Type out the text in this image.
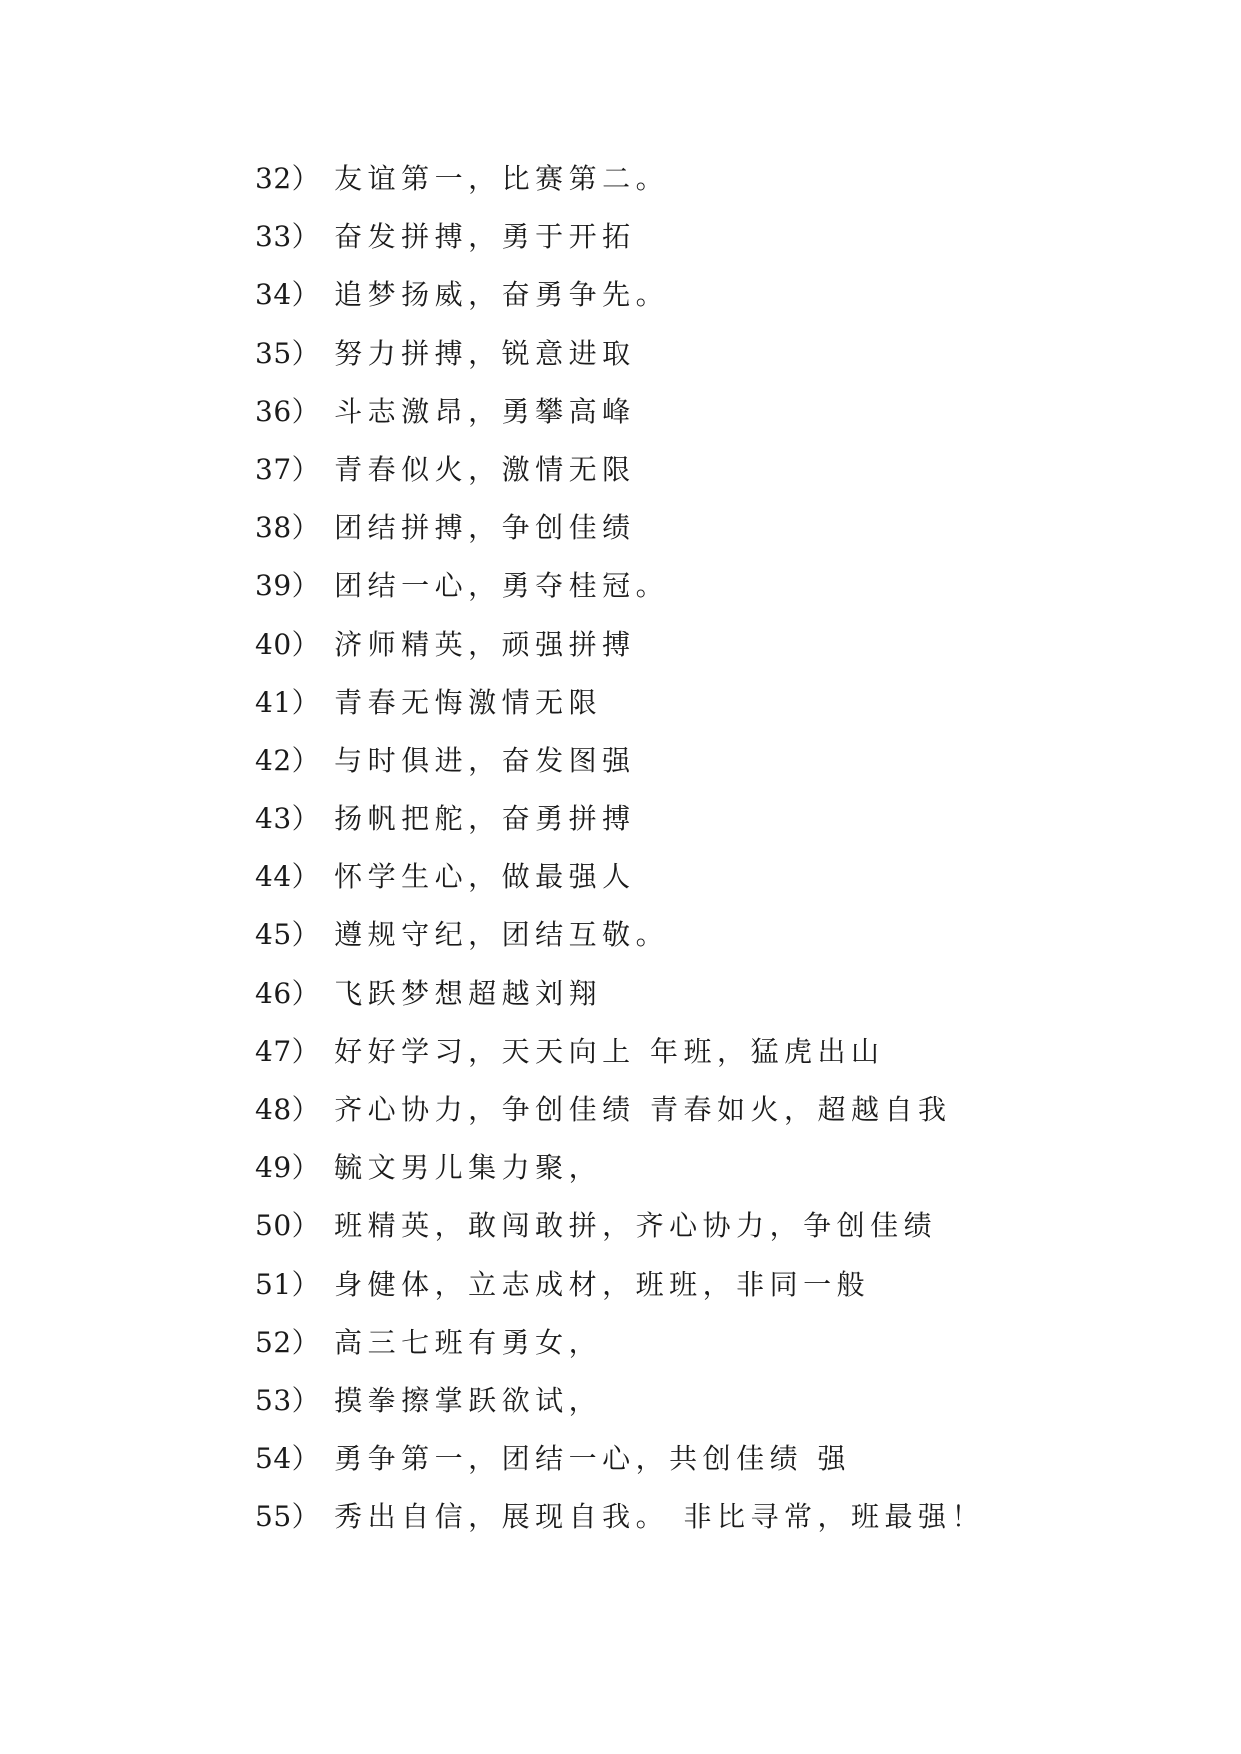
32） 友谊第一，比赛第二。
33） 奋发拼搏，勇于开拓
34） 追梦扬威，奋勇争先。
35） 努力拼搏，锐意进取
36） 斗志激昂，勇攀高峰
37） 青春似火，激情无限
38） 团结拼搏，争创佳绩
39） 团结一心，勇夺桂冠。
40） 济师精英，顽强拼搏
41） 青春无悔激情无限
42） 与时俱进，奋发图强
43） 扬帆把舵，奋勇拼搏
44） 怀学生心，做最强人
45） 遵规守纪，团结互敬。
46） 飞跃梦想超越刘翔
47） 好好学习，天天向上 年班，猛虎出山
48） 齐心协力，争创佳绩 青春如火，超越自我
49） 毓文男儿集力聚，
50） 班精英，敢闯敢拼，齐心协力，争创佳绩
51） 身健体，立志成材，班班，非同一般
52） 高三七班有勇女，
53） 摸拳擦掌跃欲试，
54） 勇争第一，团结一心，共创佳绩 强
55） 秀出自信，展现自我。 非比寻常，班最强！
